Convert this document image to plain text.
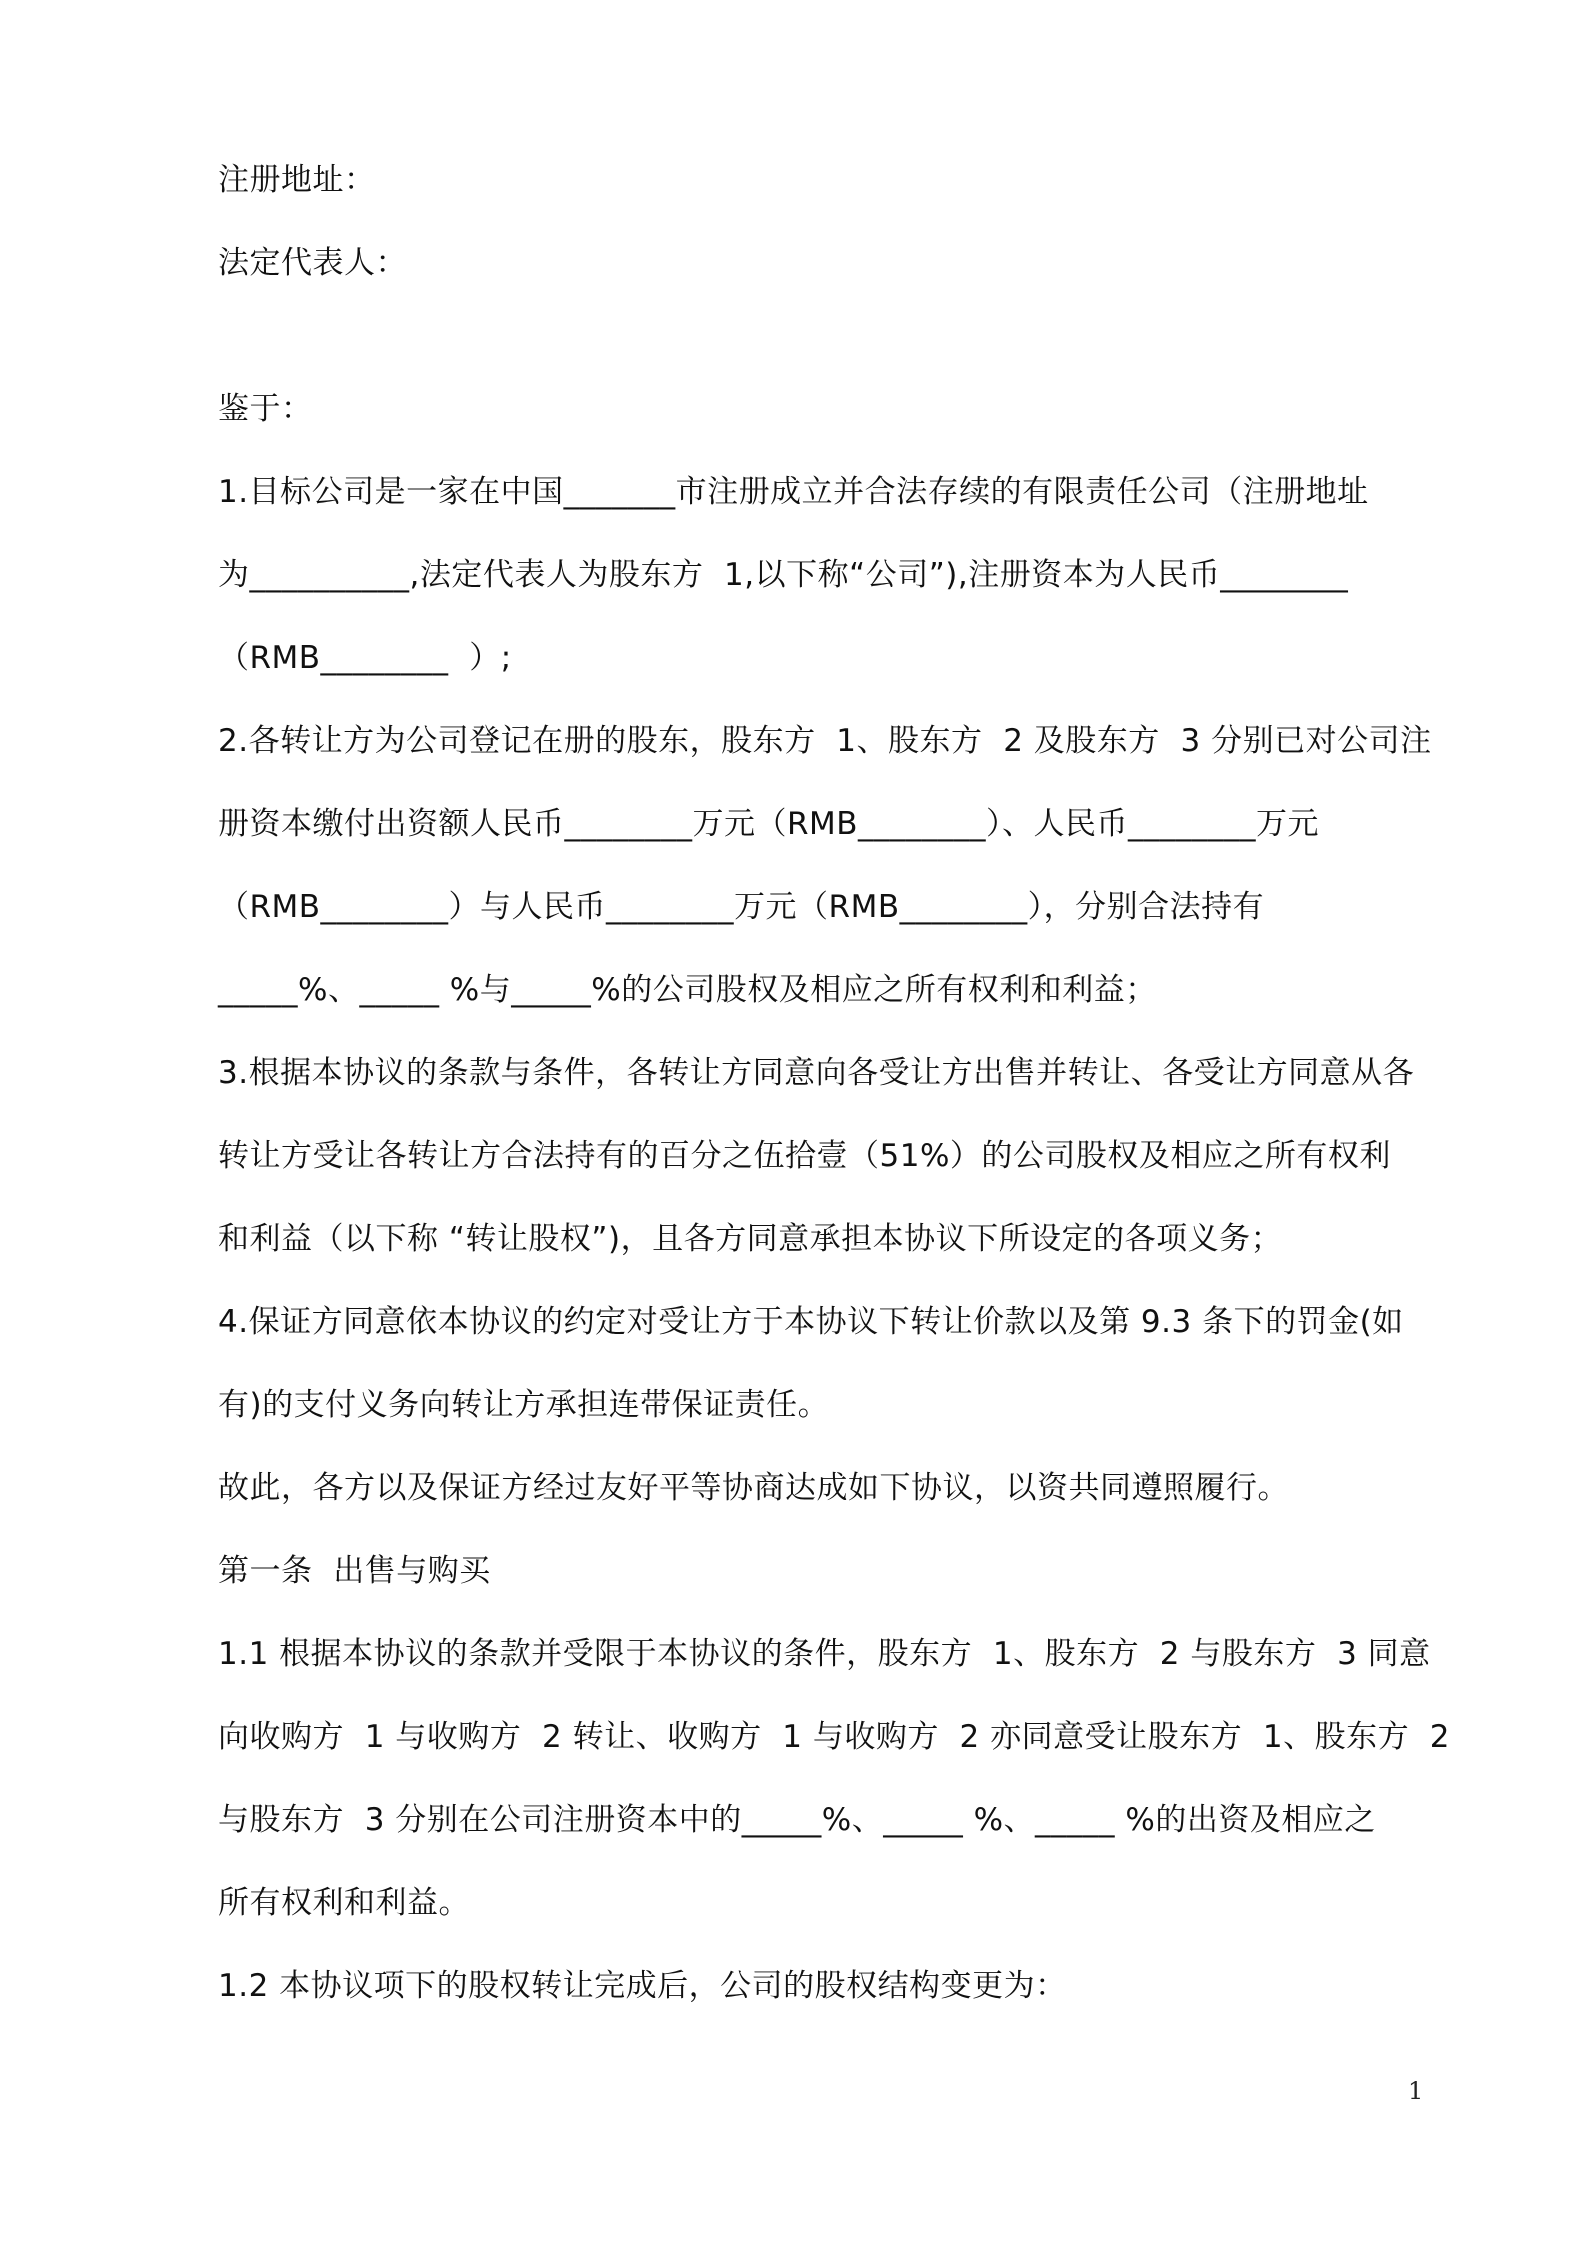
注册地址：
法定代表人：
鉴于：
1.目标公司是一家在中国_______市注册成立并合法存续的有限责任公司（注册地址
为__________,法定代表人为股东方  1,以下称“公司”),注册资本为人民币________
（RMB________  ）;
2.各转让方为公司登记在册的股东，股东方  1、股东方  2 及股东方  3 分别已对公司注
册资本缴付出资额人民币________万元（RMB________）、人民币________万元
（RMB________）与人民币________万元（RMB________），分别合法持有
_____%、_____ %与_____%的公司股权及相应之所有权利和利益；
3.根据本协议的条款与条件，各转让方同意向各受让方出售并转让、各受让方同意从各
转让方受让各转让方合法持有的百分之伍拾壹（51%）的公司股权及相应之所有权利
和利益（以下称 “转让股权”)，且各方同意承担本协议下所设定的各项义务；
4.保证方同意依本协议的约定对受让方于本协议下转让价款以及第 9.3 条下的罚金(如
有)的支付义务向转让方承担连带保证责任。
故此，各方以及保证方经过友好平等协商达成如下协议，以资共同遵照履行。
第一条  出售与购买
1.1 根据本协议的条款并受限于本协议的条件，股东方  1、股东方  2 与股东方  3 同意
向收购方  1 与收购方  2 转让、收购方  1 与收购方  2 亦同意受让股东方  1、股东方  2
与股东方  3 分别在公司注册资本中的_____%、_____ %、_____ %的出资及相应之
所有权利和利益。
1.2 本协议项下的股权转让完成后，公司的股权结构变更为：
1
